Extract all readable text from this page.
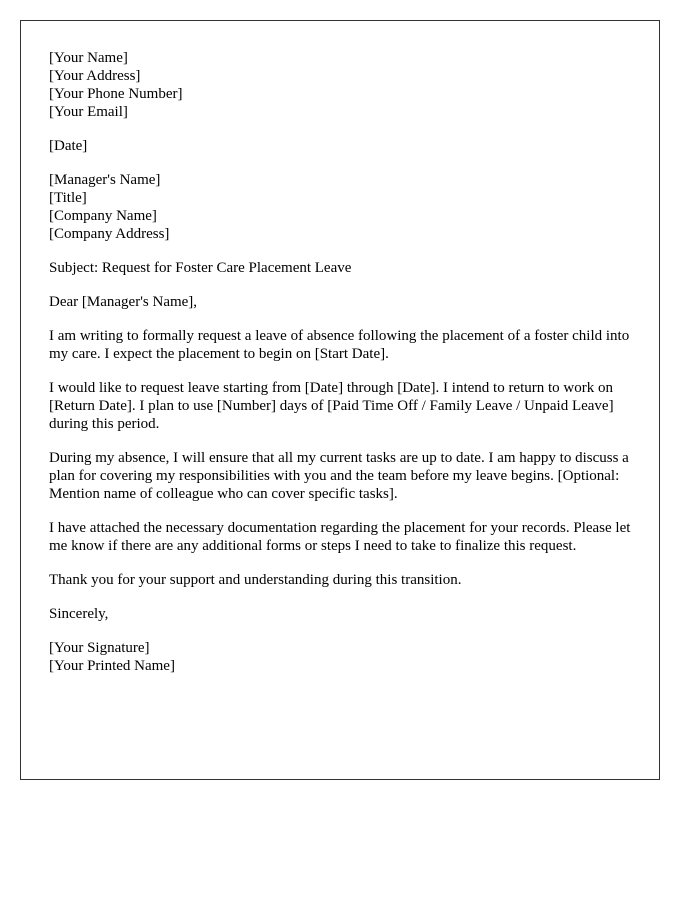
[Your Name]
[Your Address]
[Your Phone Number]
[Your Email]
[Date]
[Manager's Name]
[Title]
[Company Name]
[Company Address]

Subject: Request for Foster Care Placement Leave

Dear [Manager's Name],

I am writing to formally request a leave of absence following the placement of a foster child into my care. I expect the placement to begin on [Start Date].

I would like to request leave starting from [Date] through [Date]. I intend to return to work on [Return Date]. I plan to use [Number] days of [Paid Time Off / Family Leave / Unpaid Leave] during this period.

During my absence, I will ensure that all my current tasks are up to date. I am happy to discuss a plan for covering my responsibilities with you and the team before my leave begins. [Optional: Mention name of colleague who can cover specific tasks].

I have attached the necessary documentation regarding the placement for your records. Please let me know if there are any additional forms or steps I need to take to finalize this request.

Thank you for your support and understanding during this transition.

Sincerely,

[Your Signature]
[Your Printed Name]
